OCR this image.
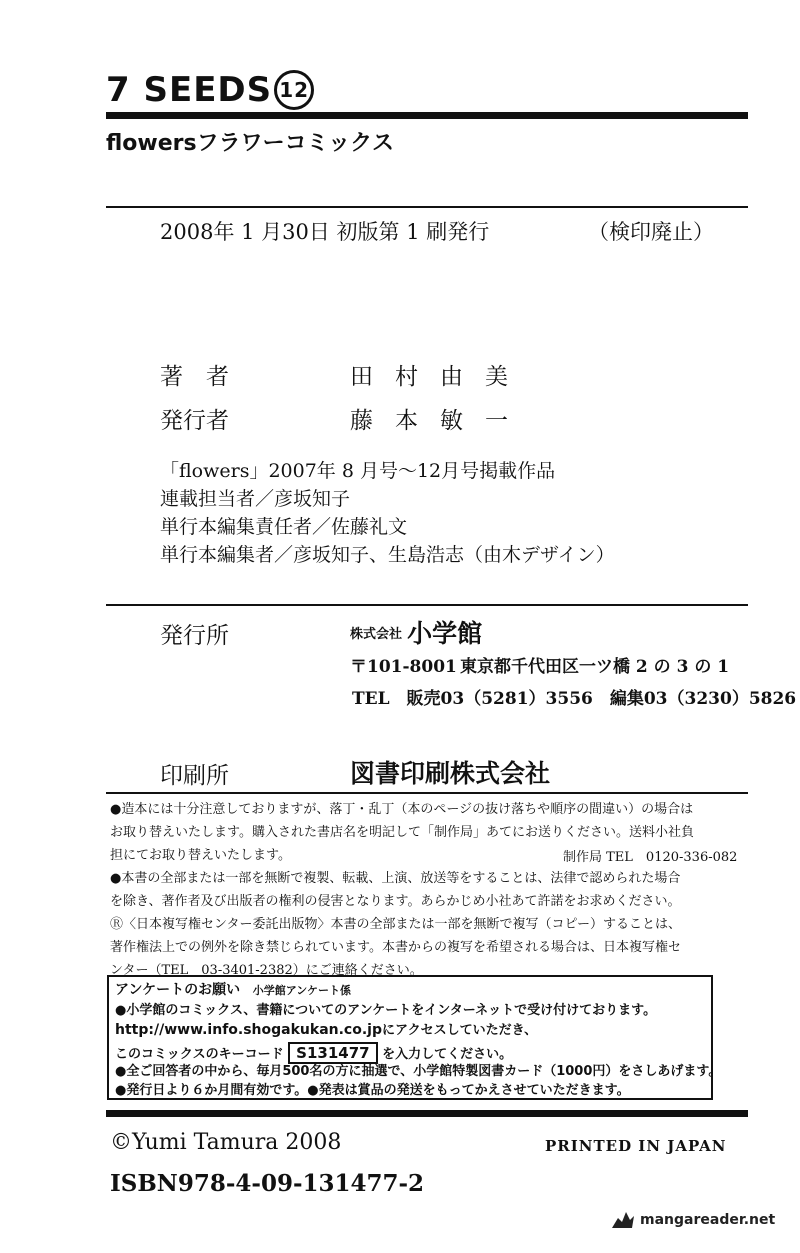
7 SEEDS 12
flowersフラワーコミックス
2008年 1 月30日 初版第 1 刷発行	（検印廃止）
著　者	田村由美
発行者	藤本敏一
「flowers」2007年 8 月号～12月号掲載作品
連載担当者／彦坂知子
単行本編集責任者／佐藤礼文
単行本編集者／彦坂知子、生島浩志（由木デザイン）
発行所	$^{株式会社}$ 小学館
〒101-8001 東京都千代田区一ツ橋 2 の 3 の 1
TEL　販売03（5281）3556　編集03（3230）5826
印刷所	図書印刷株式会社
●造本には十分注意しておりますが、落丁・乱丁（本のページの抜け落ちや順序の間違い）の場合は
お取り替えいたします。購入された書店名を明記して「制作局」あてにお送りください。送料小社負
担にてお取り替えいたします。	制作局 TEL　0120-336-082
●本書の全部または一部を無断で複製、転載、上演、放送等をすることは、法律で認められた場合
を除き、著作者及び出版者の権利の侵害となります。あらかじめ小社あて許諾をお求めください。
Ⓡ〈日本複写権センター委託出版物〉本書の全部または一部を無断で複写（コピー）することは、
著作権法上での例外を除き禁じられています。本書からの複写を希望される場合は、日本複写権セ
ンター（TEL　03-3401-2382）にご連絡ください。
アンケートのお願い 小学館アンケート係
●小学館のコミックス、書籍についてのアンケートをインターネットで受け付けております。
http://www.info.shogakukan.co.jpにアクセスしていただき、
このコミックスのキーコード S131477 を入力してください。
●全ご回答者の中から、毎月500名の方に抽選で、小学館特製図書カード（1000円）をさしあげます。
●発行日より６か月間有効です。●発表は賞品の発送をもってかえさせていただきます。
©Yumi Tamura 2008	PRINTED IN JAPAN
ISBN978-4-09-131477-2
mangareader.net
